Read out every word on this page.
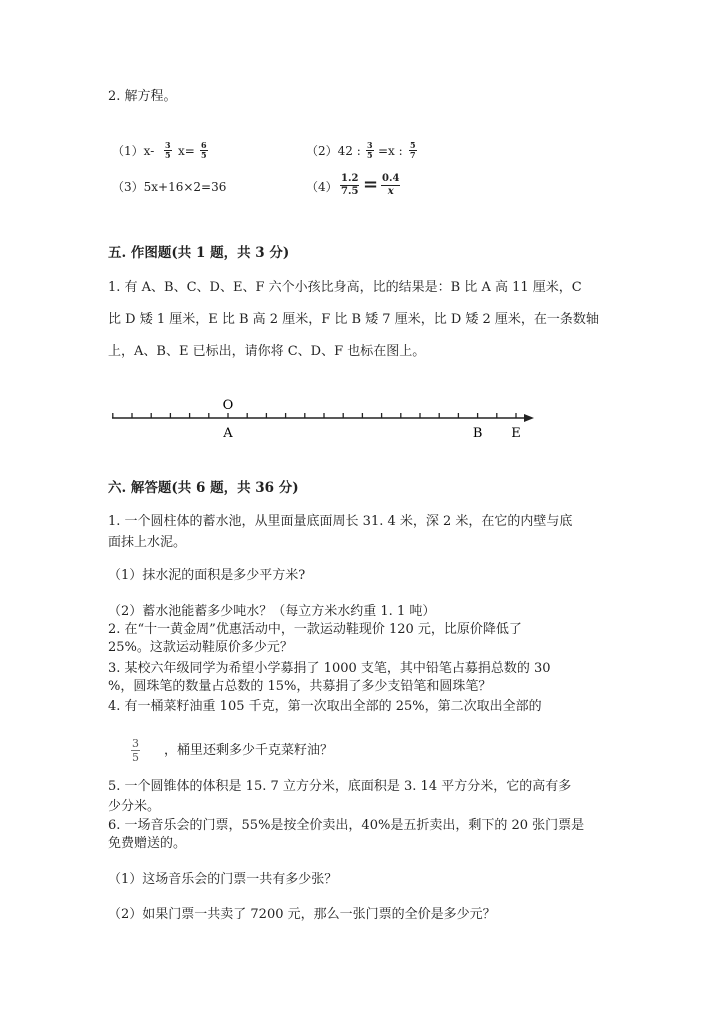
2. 解方程。
$(1)x- \frac{3}{5} x= \frac{6}{5}$	（2）42 : $\frac{3}{5} =x$ : $\frac{5}{7}$
（3）5x+16×2=36	$(4) \frac{1.2}{7.5} = \frac{0.4}{x}$
五. 作图题(共 1 题，共 3 分)
1. 有 A、B、C、D、E、F 六个小孩比身高，比的结果是：B 比 A 高 11 厘米，C
比 D 矮 1 厘米，E 比 B 高 2 厘米，F 比 B 矮 7 厘米，比 D 矮 2 厘米，在一条数轴
上，A、B、E 已标出，请你将 C、D、F 也标在图上。
O
A	B E
六. 解答题(共 6 题，共 36 分)
1. 一个圆柱体的蓄水池，从里面量底面周长 31. 4 米，深 2 米，在它的内壁与底
面抹上水泥。
（1）抹水泥的面积是多少平方米?
（2）蓄水池能蓄多少吨水？（每立方米水约重 1. 1 吨）
2. 在“十一黄金周”优惠活动中，一款运动鞋现价 120 元，比原价降低了
25%。这款运动鞋原价多少元？
3. 某校六年级同学为希望小学募捐了 1000 支笔，其中铅笔占募捐总数的 30
%，圆珠笔的数量占总数的 15%，共募捐了多少支铅笔和圆珠笔？
4. 有一桶菜籽油重 105 千克，第一次取出全部的 25%，第二次取出全部的
$\frac{3}{5}$ ，桶里还剩多少千克菜籽油？
5. 一个圆锥体的体积是 15. 7 立方分米，底面积是 3. 14 平方分米，它的高有多
少分米。
6. 一场音乐会的门票，55%是按全价卖出，40%是五折卖出，剩下的 20 张门票是
免费赠送的。
（1）这场音乐会的门票一共有多少张？
（2）如果门票一共卖了 7200 元，那么一张门票的全价是多少元？
